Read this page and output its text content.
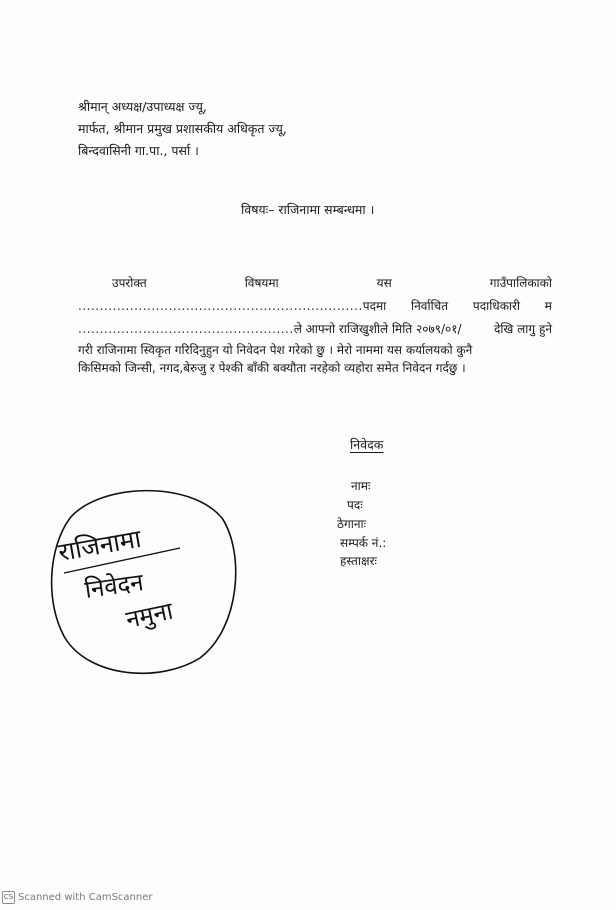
श्रीमान् अध्यक्ष/उपाध्यक्ष ज्यू,
मार्फत, श्रीमान प्रमुख प्रशासकीय अधिकृत ज्यू,
बिन्दवासिनी गा.पा., पर्सा ।
विषयः– राजिनामा सम्बन्धमा ।
उपरोक्त	विषयमा	यस	गाउँपालिकाको
..................................................................पदमा निर्वाचित पदाधिकारी म
..................................................ले आफ्नो राजिखुशीले मिति २०७९/०१/	देखि लागु हुने
गरी राजिनामा स्विकृत गरिदिनुहुन यो निवेदन पेश गरेको छु । मेरो नाममा यस कर्यालयको कुनै
किसिमको जिन्सी, नगद,बेरुजु र पेश्की बाँकी बक्यौता नरहेको व्यहोरा समेत निवेदन गर्दछु ।
निवेदक
नामः
पदः
ठेगानाः
सम्पर्क नं.:
हस्ताक्षरः
राजिनामा
निवेदन
नमुना
CS Scanned with CamScanner
